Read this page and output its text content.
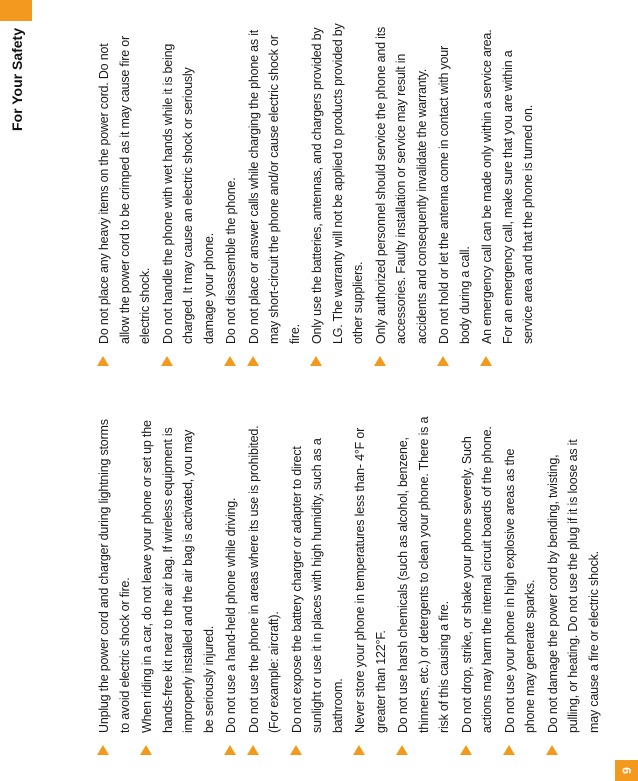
9
For Your Safety
Unplug the power cord and charger during lightning storms to avoid electric shock or fire. When riding in a car, do not leave your phone or set up the hands-free kit near to the air bag. If wireless equipment is improperly installed and the air bag is activated, you may be seriously injured. Do not use a hand-held phone while driving. Do not use the phone in areas where its use is prohibited. (For example: aircraft). Do not expose the battery charger or adapter to direct sunlight or use it in places with high humidity, such as a bathroom. Never store your phone in temperatures less than- 4°F or greater than 122°F. Do not use harsh chemicals (such as alcohol, benzene, thinners, etc.) or detergents to clean your phone. There is a risk of this causing a fire. Do not drop, strike, or shake your phone severely. Such actions may harm the internal circuit boards of the phone. Do not use your phone in high explosive areas as the phone may generate sparks. Do not damage the power cord by bending, twisting, pulling, or heating. Do not use the plug if it is loose as it may cause a fire or electric shock.
Do not place any heavy items on the power cord. Do not allow the power cord to be crimped as it may cause fire or electric shock. Do not handle the phone with wet hands while it is being charged. It may cause an electric shock or seriously damage your phone. Do not disassemble the phone. Do not place or answer calls while charging the phone as it may short-circuit the phone and/or cause electric shock or fire. Only use the batteries, antennas, and chargers provided by LG. The warranty will not be applied to products provided by other suppliers. Only authorized personnel should service the phone and its accessories. Faulty installation or service may result in accidents and consequently invalidate the warranty. Do not hold or let the antenna come in contact with your body during a call. An emergency call can be made only within a service area. For an emergency call, make sure that you are within a service area and that the phone is turned on.
